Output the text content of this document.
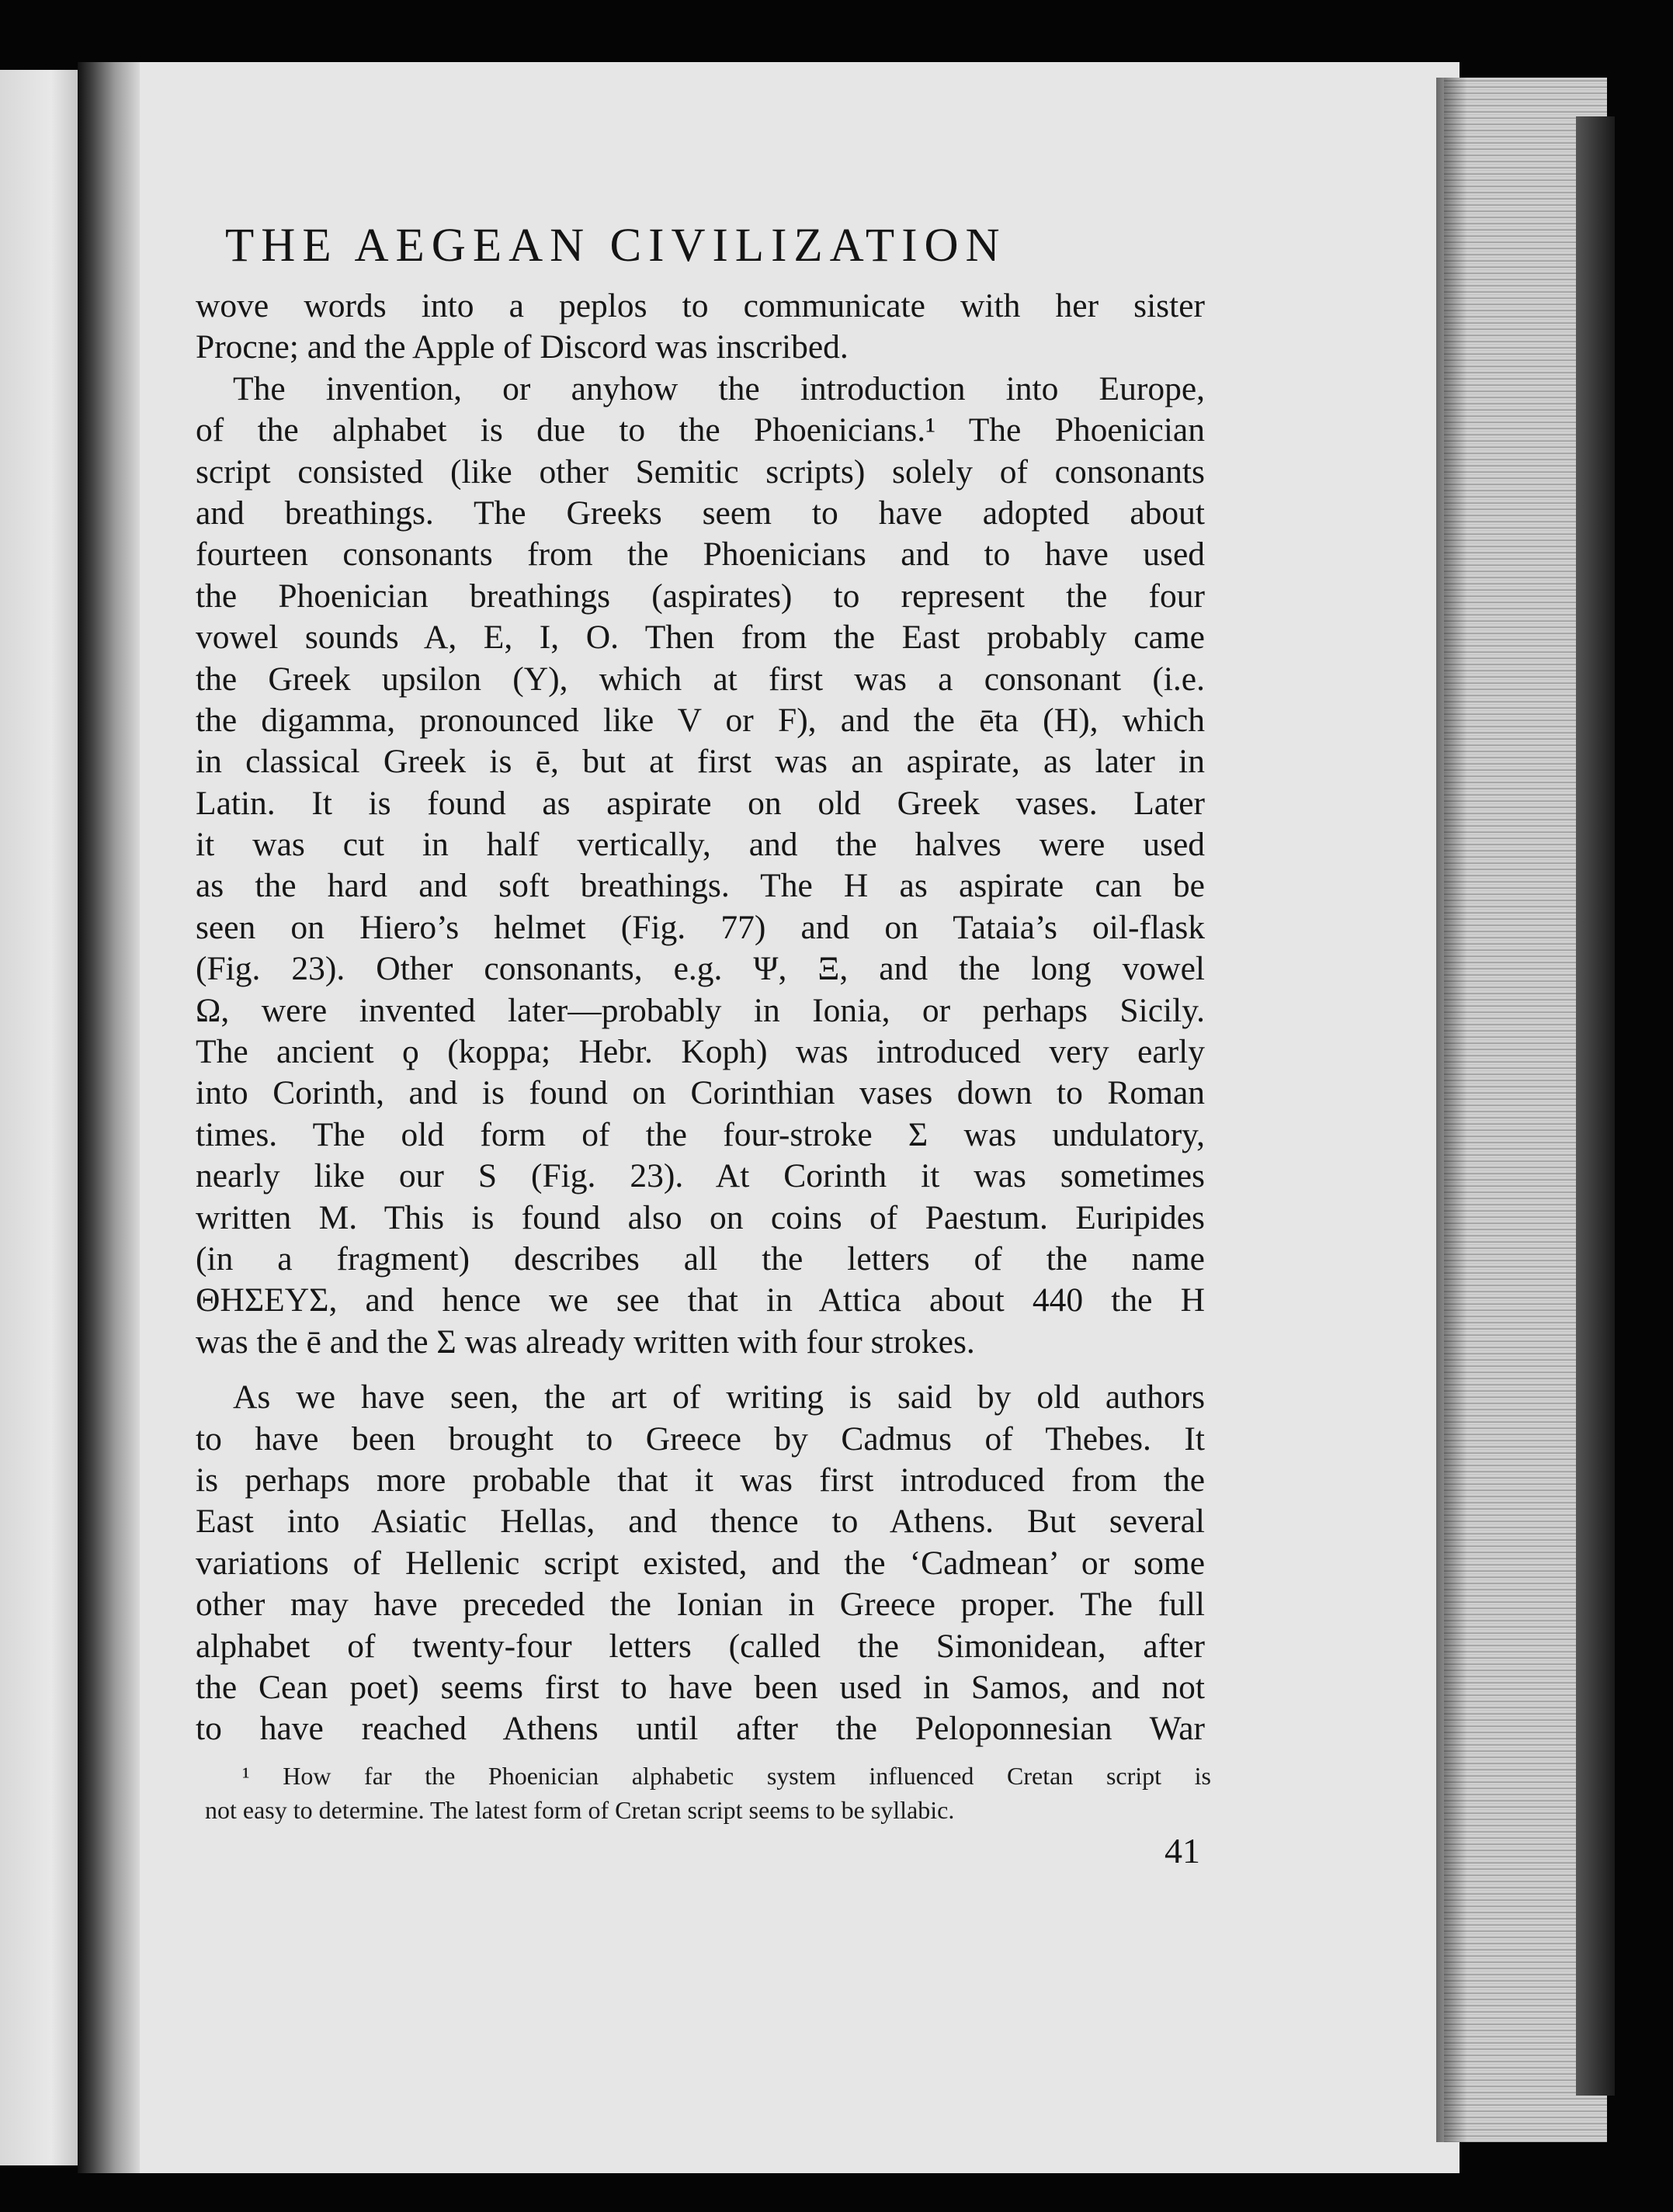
THE AEGEAN CIVILIZATION
wove words into a peplos to communicate with her sister
Procne; and the Apple of Discord was inscribed.
The invention, or anyhow the introduction into Europe,
of the alphabet is due to the Phoenicians.¹ The Phoenician
script consisted (like other Semitic scripts) solely of consonants
and breathings. The Greeks seem to have adopted about
fourteen consonants from the Phoenicians and to have used
the Phoenician breathings (aspirates) to represent the four
vowel sounds A, E, I, O. Then from the East probably came
the Greek upsilon (Υ), which at first was a consonant (i.e.
the digamma, pronounced like V or F), and the ēta (H), which
in classical Greek is ē, but at first was an aspirate, as later in
Latin. It is found as aspirate on old Greek vases. Later
it was cut in half vertically, and the halves were used
as the hard and soft breathings. The H as aspirate can be
seen on Hiero’s helmet (Fig. 77) and on Tataia’s oil-flask
(Fig. 23). Other consonants, e.g. Ψ, Ξ, and the long vowel
Ω, were invented later—probably in Ionia, or perhaps Sicily.
The ancient ϙ (koppa; Hebr. Koph) was introduced very early
into Corinth, and is found on Corinthian vases down to Roman
times. The old form of the four-stroke Σ was undulatory,
nearly like our S (Fig. 23). At Corinth it was sometimes
written M. This is found also on coins of Paestum. Euripides
(in a fragment) describes all the letters of the name
ΘΗΣΕΥΣ, and hence we see that in Attica about 440 the H
was the ē and the Σ was already written with four strokes.
As we have seen, the art of writing is said by old authors
to have been brought to Greece by Cadmus of Thebes. It
is perhaps more probable that it was first introduced from the
East into Asiatic Hellas, and thence to Athens. But several
variations of Hellenic script existed, and the ‘Cadmean’ or some
other may have preceded the Ionian in Greece proper. The full
alphabet of twenty-four letters (called the Simonidean, after
the Cean poet) seems first to have been used in Samos, and not
to have reached Athens until after the Peloponnesian War
¹ How far the Phoenician alphabetic system influenced Cretan script is
not easy to determine. The latest form of Cretan script seems to be syllabic.
41
